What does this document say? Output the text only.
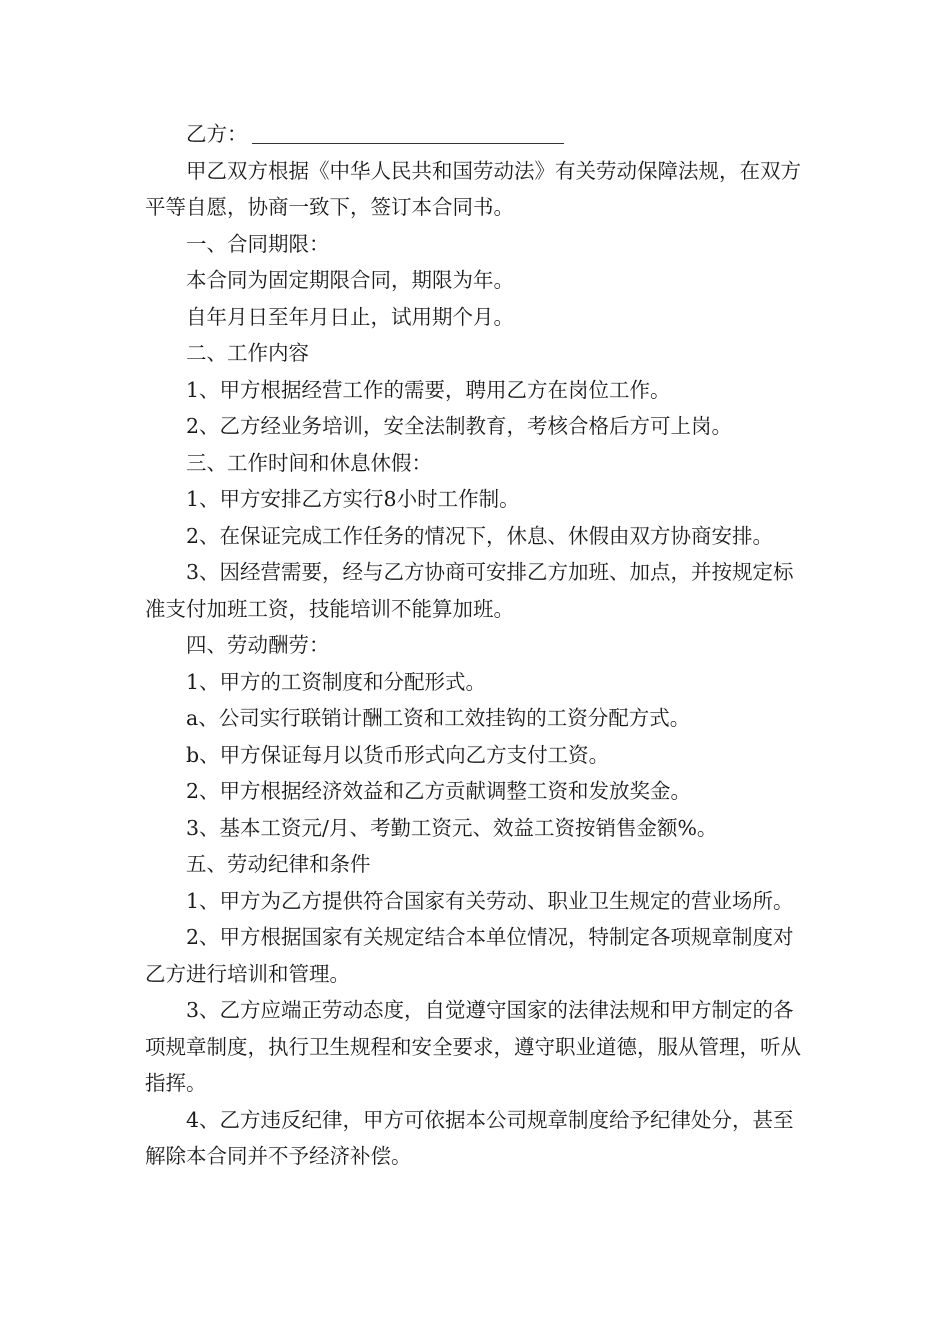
乙方：

甲乙双方根据《中华人民共和国劳动法》有关劳动保障法规，在双方平等自愿，协商一致下，签订本合同书。

一、合同期限：

本合同为固定期限合同，期限为年。

自年月日至年月日止，试用期个月。

二、工作内容

1、甲方根据经营工作的需要，聘用乙方在岗位工作。

2、乙方经业务培训，安全法制教育，考核合格后方可上岗。

三、工作时间和休息休假：

1、甲方安排乙方实行8小时工作制。

2、在保证完成工作任务的情况下，休息、休假由双方协商安排。

3、因经营需要，经与乙方协商可安排乙方加班、加点，并按规定标准支付加班工资，技能培训不能算加班。

四、劳动酬劳：

1、甲方的工资制度和分配形式。

a、公司实行联销计酬工资和工效挂钩的工资分配方式。

b、甲方保证每月以货币形式向乙方支付工资。

2、甲方根据经济效益和乙方贡献调整工资和发放奖金。

3、基本工资元/月、考勤工资元、效益工资按销售金额%。

五、劳动纪律和条件

1、甲方为乙方提供符合国家有关劳动、职业卫生规定的营业场所。

2、甲方根据国家有关规定结合本单位情况，特制定各项规章制度对乙方进行培训和管理。

3、乙方应端正劳动态度，自觉遵守国家的法律法规和甲方制定的各项规章制度，执行卫生规程和安全要求，遵守职业道德，服从管理，听从指挥。

4、乙方违反纪律，甲方可依据本公司规章制度给予纪律处分，甚至解除本合同并不予经济补偿。
